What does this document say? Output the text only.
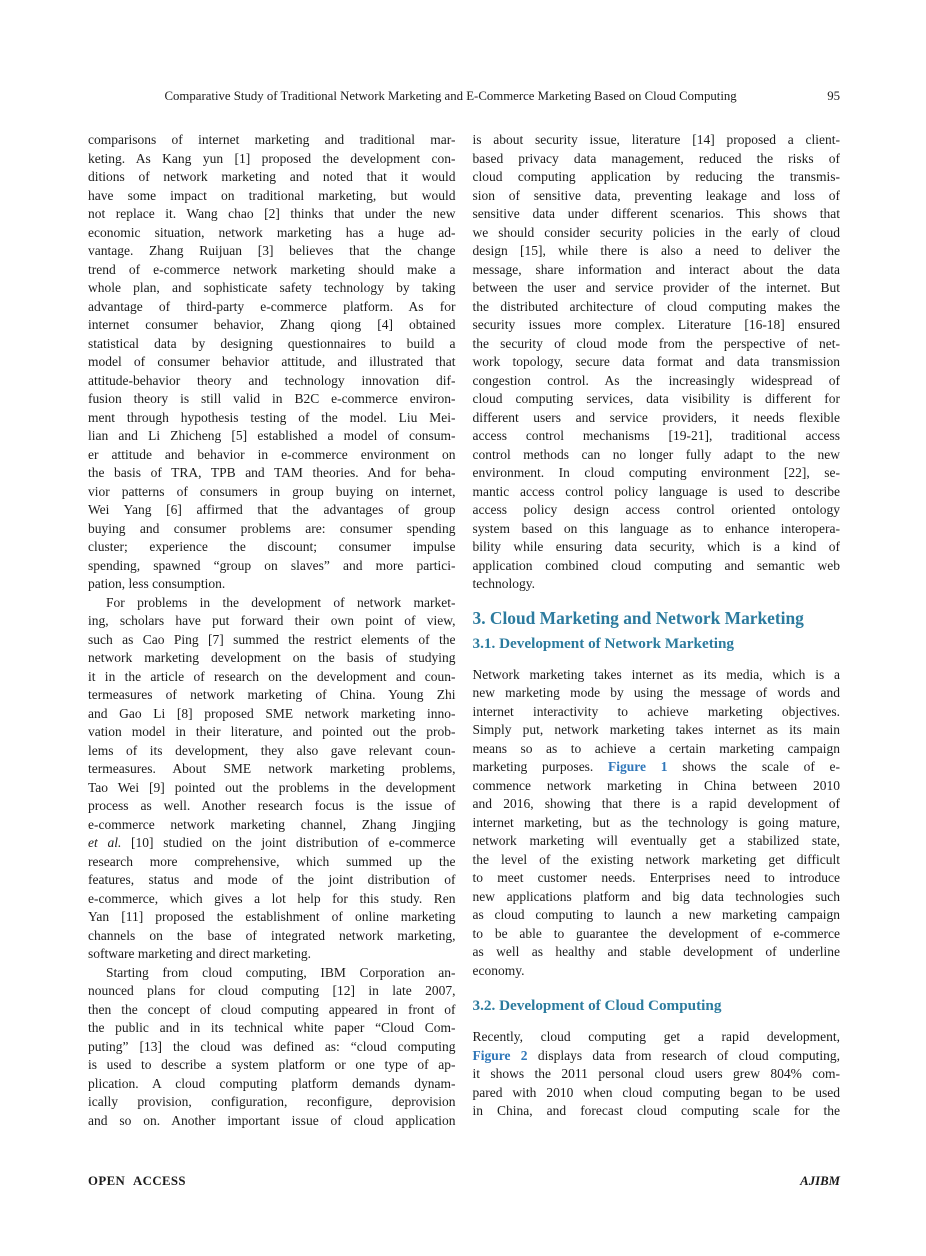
Comparative Study of Traditional Network Marketing and E-Commerce Marketing Based on Cloud Computing	95
comparisons of internet marketing and traditional mar-
keting. As Kang yun [1] proposed the development con-
ditions of network marketing and noted that it would
have some impact on traditional marketing, but would
not replace it. Wang chao [2] thinks that under the new
economic situation, network marketing has a huge ad-
vantage. Zhang Ruijuan [3] believes that the change
trend of e-commerce network marketing should make a
whole plan, and sophisticate safety technology by taking
advantage of third-party e-commerce platform. As for
internet consumer behavior, Zhang qiong [4] obtained
statistical data by designing questionnaires to build a
model of consumer behavior attitude, and illustrated that
attitude-behavior theory and technology innovation dif-
fusion theory is still valid in B2C e-commerce environ-
ment through hypothesis testing of the model. Liu Mei-
lian and Li Zhicheng [5] established a model of consum-
er attitude and behavior in e-commerce environment on
the basis of TRA, TPB and TAM theories. And for beha-
vior patterns of consumers in group buying on internet,
Wei Yang [6] affirmed that the advantages of group
buying and consumer problems are: consumer spending
cluster; experience the discount; consumer impulse
spending, spawned “group on slaves” and more partici-
pation, less consumption.
For problems in the development of network market-
ing, scholars have put forward their own point of view,
such as Cao Ping [7] summed the restrict elements of the
network marketing development on the basis of studying
it in the article of research on the development and coun-
termeasures of network marketing of China. Young Zhi
and Gao Li [8] proposed SME network marketing inno-
vation model in their literature, and pointed out the prob-
lems of its development, they also gave relevant coun-
termeasures. About SME network marketing problems,
Tao Wei [9] pointed out the problems in the development
process as well. Another research focus is the issue of
e-commerce network marketing channel, Zhang Jingjing
et al. [10] studied on the joint distribution of e-commerce
research more comprehensive, which summed up the
features, status and mode of the joint distribution of
e-commerce, which gives a lot help for this study. Ren
Yan [11] proposed the establishment of online marketing
channels on the base of integrated network marketing,
software marketing and direct marketing.
Starting from cloud computing, IBM Corporation an-
nounced plans for cloud computing [12] in late 2007,
then the concept of cloud computing appeared in front of
the public and in its technical white paper “Cloud Com-
puting” [13] the cloud was defined as: “cloud computing
is used to describe a system platform or one type of ap-
plication. A cloud computing platform demands dynam-
ically provision, configuration, reconfigure, deprovision
and so on. Another important issue of cloud application
is about security issue, literature [14] proposed a client-
based privacy data management, reduced the risks of
cloud computing application by reducing the transmis-
sion of sensitive data, preventing leakage and loss of
sensitive data under different scenarios. This shows that
we should consider security policies in the early of cloud
design [15], while there is also a need to deliver the
message, share information and interact about the data
between the user and service provider of the internet. But
the distributed architecture of cloud computing makes the
security issues more complex. Literature [16-18] ensured
the security of cloud mode from the perspective of net-
work topology, secure data format and data transmission
congestion control. As the increasingly widespread of
cloud computing services, data visibility is different for
different users and service providers, it needs flexible
access control mechanisms [19-21], traditional access
control methods can no longer fully adapt to the new
environment. In cloud computing environment [22], se-
mantic access control policy language is used to describe
access policy design access control oriented ontology
system based on this language as to enhance interopera-
bility while ensuring data security, which is a kind of
application combined cloud computing and semantic web
technology.
3. Cloud Marketing and Network Marketing
3.1. Development of Network Marketing
Network marketing takes internet as its media, which is a
new marketing mode by using the message of words and
internet interactivity to achieve marketing objectives.
Simply put, network marketing takes internet as its main
means so as to achieve a certain marketing campaign
marketing purposes. Figure 1 shows the scale of e-
commence network marketing in China between 2010
and 2016, showing that there is a rapid development of
internet marketing, but as the technology is going mature,
network marketing will eventually get a stabilized state,
the level of the existing network marketing get difficult
to meet customer needs. Enterprises need to introduce
new applications platform and big data technologies such
as cloud computing to launch a new marketing campaign
to be able to guarantee the development of e-commerce
as well as healthy and stable development of underline
economy.
3.2. Development of Cloud Computing
Recently, cloud computing get a rapid development,
Figure 2 displays data from research of cloud computing,
it shows the 2011 personal cloud users grew 804% com-
pared with 2010 when cloud computing began to be used
in China, and forecast cloud computing scale for the
OPEN ACCESS	AJIBM
